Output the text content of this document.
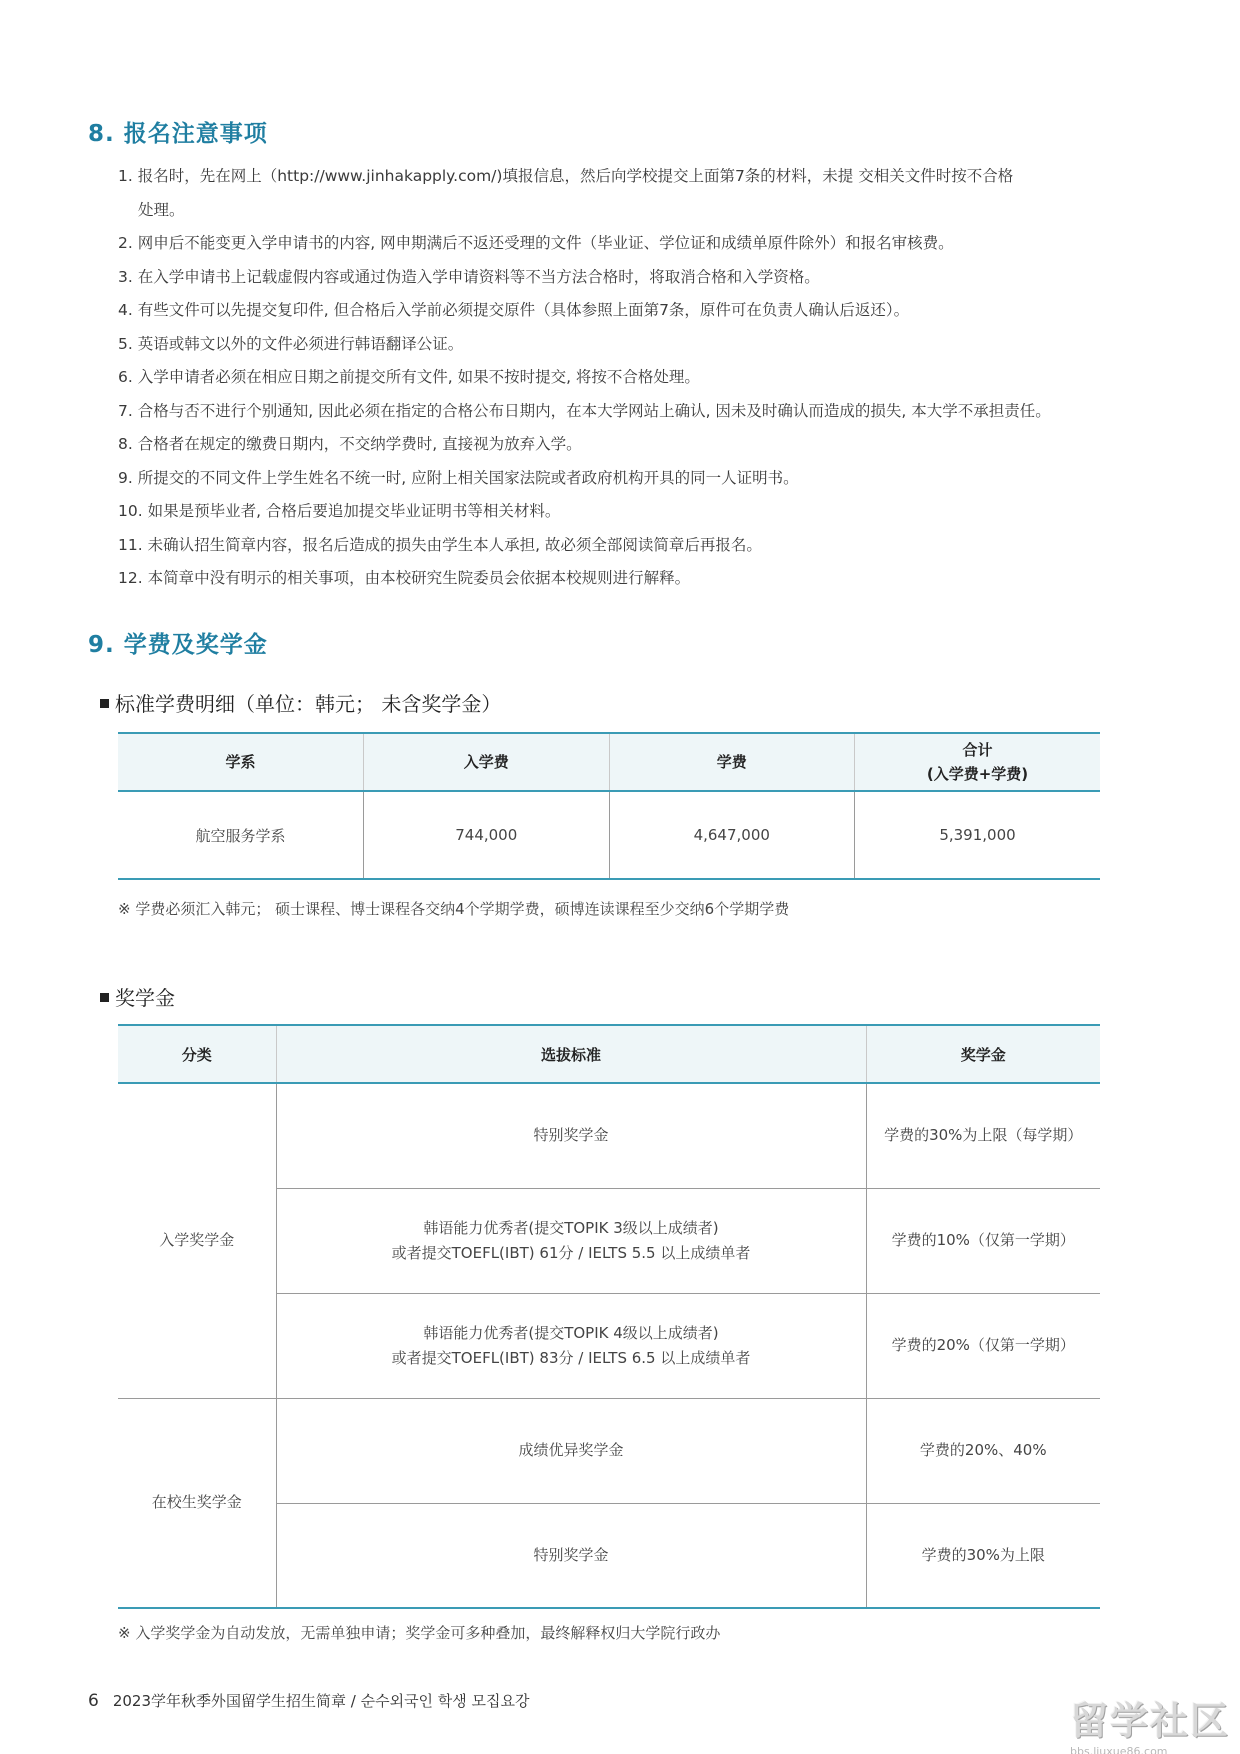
8. 报名注意事项
1. 报名时，先在网上（http://www.jinhakapply.com/)填报信息，然后向学校提交上面第7条的材料，未提 交相关文件时按不合格
处理。
2. 网申后不能变更入学申请书的内容, 网申期满后不返还受理的文件（毕业证、学位证和成绩单原件除外）和报名审核费。
3. 在入学申请书上记载虚假内容或通过伪造入学申请资料等不当方法合格时，将取消合格和入学资格。
4. 有些文件可以先提交复印件, 但合格后入学前必须提交原件（具体参照上面第7条，原件可在负责人确认后返还）。
5. 英语或韩文以外的文件必须进行韩语翻译公证。
6. 入学申请者必须在相应日期之前提交所有文件, 如果不按时提交, 将按不合格处理。
7. 合格与否不进行个别通知, 因此必须在指定的合格公布日期内，在本大学网站上确认, 因未及时确认而造成的损失, 本大学不承担责任。
8. 合格者在规定的缴费日期内，不交纳学费时, 直接视为放弃入学。
9. 所提交的不同文件上学生姓名不统一时, 应附上相关国家法院或者政府机构开具的同一人证明书。
10. 如果是预毕业者, 合格后要追加提交毕业证明书等相关材料。
11. 未确认招生简章内容，报名后造成的损失由学生本人承担, 故必须全部阅读简章后再报名。
12. 本简章中没有明示的相关事项，由本校研究生院委员会依据本校规则进行解释。
9. 学费及奖学金
标准学费明细（单位：韩元； 未含奖学金）
学系	入学费	学费	合计
(入学费+学费)

航空服务学系	744,000	4,647,000	5,391,000
※ 学费必须汇入韩元； 硕士课程、博士课程各交纳4个学期学费，硕博连读课程至少交纳6个学期学费
奖学金
分类	选拔标准	奖学金
入学奖学金	特别奖学金	学费的30%为上限（每学期）

	韩语能力优秀者(提交TOPIK 3级以上成绩者)
或者提交TOEFL(IBT) 61分 / IELTS 5.5 以上成绩单者	学费的10%（仅第一学期）

	韩语能力优秀者(提交TOPIK 4级以上成绩者)
或者提交TOEFL(IBT) 83分 / IELTS 6.5 以上成绩单者	学费的20%（仅第一学期）
在校生奖学金	成绩优异奖学金	学费的20%、40%

	特别奖学金	学费的30%为上限
※ 入学奖学金为自动发放，无需单独申请；奖学金可多种叠加，最终解释权归大学院行政办
6 2023学年秋季外国留学生招生简章 / 순수외국인 학생 모집요강	留学社区
bbs.liuxue86.com
